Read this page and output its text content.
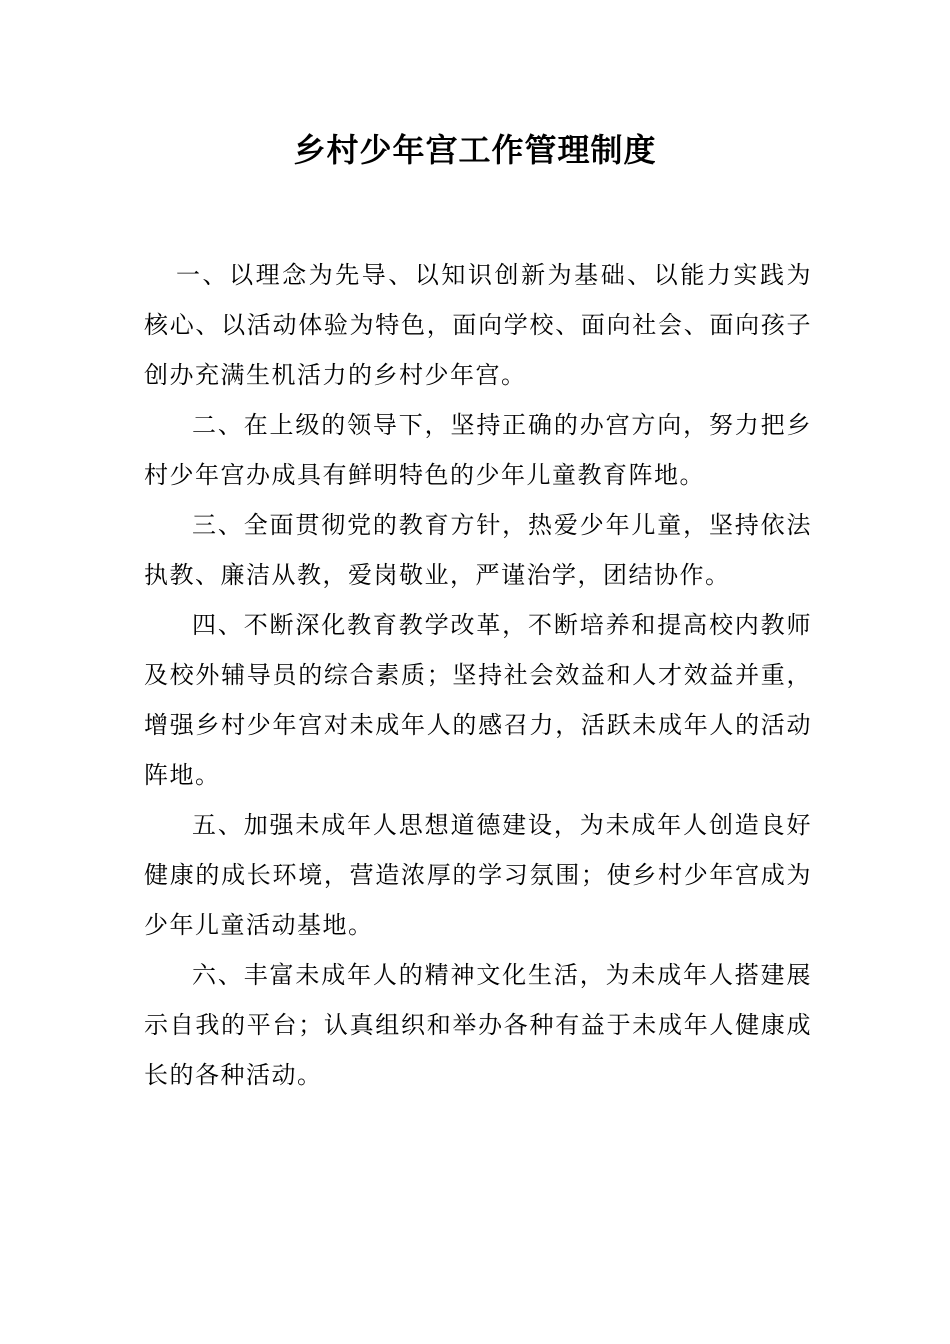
乡村少年宫工作管理制度

一、以理念为先导、以知识创新为基础、以能力实践为核心、以活动体验为特色，面向学校、面向社会、面向孩子创办充满生机活力的乡村少年宫。

二、在上级的领导下，坚持正确的办宫方向，努力把乡村少年宫办成具有鲜明特色的少年儿童教育阵地。

三、全面贯彻党的教育方针，热爱少年儿童，坚持依法执教、廉洁从教，爱岗敬业，严谨治学，团结协作。

四、不断深化教育教学改革，不断培养和提高校内教师及校外辅导员的综合素质；坚持社会效益和人才效益并重，增强乡村少年宫对未成年人的感召力，活跃未成年人的活动阵地。

五、加强未成年人思想道德建设，为未成年人创造良好健康的成长环境，营造浓厚的学习氛围；使乡村少年宫成为少年儿童活动基地。

六、丰富未成年人的精神文化生活，为未成年人搭建展示自我的平台；认真组织和举办各种有益于未成年人健康成长的各种活动。
